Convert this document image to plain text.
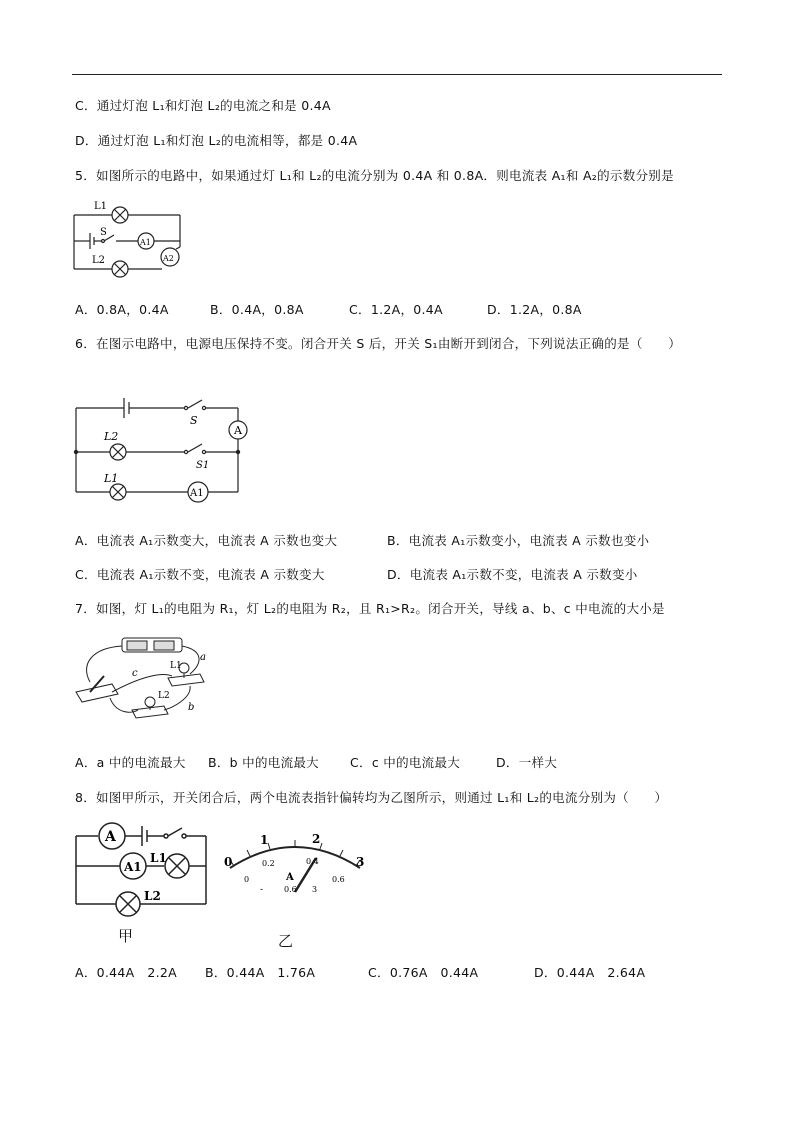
C．通过灯泡 L₁和灯泡 L₂的电流之和是 0.4A
D．通过灯泡 L₁和灯泡 L₂的电流相等，都是 0.4A
5．如图所示的电路中，如果通过灯 L₁和 L₂的电流分别为 0.4A 和 0.8A．则电流表 A₁和 A₂的示数分别是
L1
S
A1
A2
L2
A．0.8A，0.4A	B．0.4A，0.8A	C．1.2A，0.4A	D．1.2A，0.8A
6．在图示电路中，电源电压保持不变。闭合开关 S 后，开关 S₁由断开到闭合，下列说法正确的是（　　）
S
A
L2
S1
L1
A1
A．电流表 A₁示数变大，电流表 A 示数也变大	B．电流表 A₁示数变小，电流表 A 示数也变小
C．电流表 A₁示数不变，电流表 A 示数变大	D．电流表 A₁示数不变，电流表 A 示数变小
7．如图，灯 L₁的电阻为 R₁，灯 L₂的电阻为 R₂，且 R₁>R₂。闭合开关，导线 a、b、c 中电流的大小是
a
b
c
L1
L2
A．a 中的电流最大 B．b 中的电流最大 C．c 中的电流最大	D．一样大
8．如图甲所示，开关闭合后，两个电流表指针偏转均为乙图所示，则通过 L₁和 L₂的电流分别为（　　）
A
A1
L1
L2
甲
0
1	2
3
0
0.2	0.4
0.6
A
-	0.6 3
乙
A．0.44A　2.2A B．0.44A　1.76A	C．0.76A　0.44A	D．0.44A　2.64A
